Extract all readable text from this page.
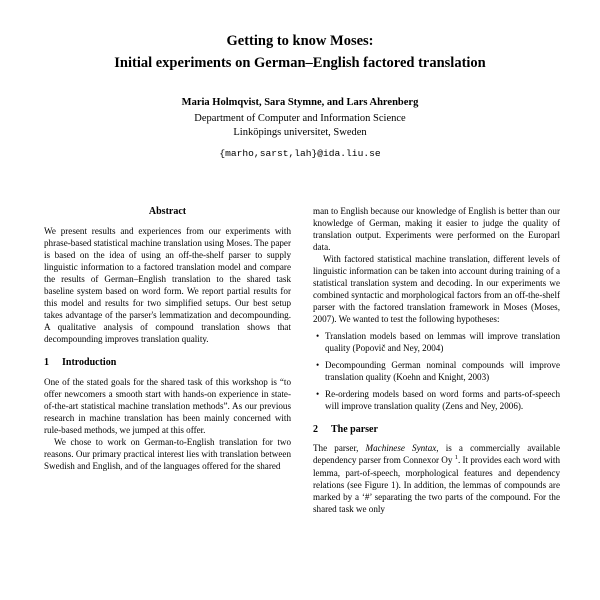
Getting to know Moses:
Initial experiments on German–English factored translation
Maria Holmqvist, Sara Stymne, and Lars Ahrenberg
Department of Computer and Information Science
Linköpings universitet, Sweden
{marho,sarst,lah}@ida.liu.se
Abstract

We present results and experiences from our experiments with phrase-based statistical machine translation using Moses. The paper is based on the idea of using an off-the-shelf parser to supply linguistic information to a factored translation model and compare the results of German–English translation to the shared task baseline system based on word form. We report partial results for this model and results for two simplified setups. Our best setup takes advantage of the parser's lemmatization and decompounding. A qualitative analysis of compound translation shows that decompounding improves translation quality.

1	Introduction

One of the stated goals for the shared task of this workshop is “to offer newcomers a smooth start with hands-on experience in state-of-the-art statistical machine translation methods”. As our previous research in machine translation has been mainly concerned with rule-based methods, we jumped at this offer.

We chose to work on German-to-English translation for two reasons. Our primary practical interest lies with translation between Swedish and English, and of the languages offered for the shared

man to English because our knowledge of English is better than our knowledge of German, making it easier to judge the quality of translation output. Experiments were performed on the Europarl data.

With factored statistical machine translation, different levels of linguistic information can be taken into account during training of a statistical translation system and decoding. In our experiments we combined syntactic and morphological factors from an off-the-shelf parser with the factored translation framework in Moses (Moses, 2007). We wanted to test the following hypotheses:

• Translation models based on lemmas will improve translation quality (Popovič and Ney, 2004)
• Decompounding German nominal compounds will improve translation quality (Koehn and Knight, 2003)
• Re-ordering models based on word forms and parts-of-speech will improve translation quality (Zens and Ney, 2006).
2	The parser

The parser, Machinese Syntax, is a commercially available dependency parser from Connexor Oy $^1$. It provides each word with lemma, part-of-speech, morphological features and dependency relations (see Figure 1). In addition, the lemmas of compounds are marked by a ‘#’ separating the two parts of the compound. For the shared task we only
